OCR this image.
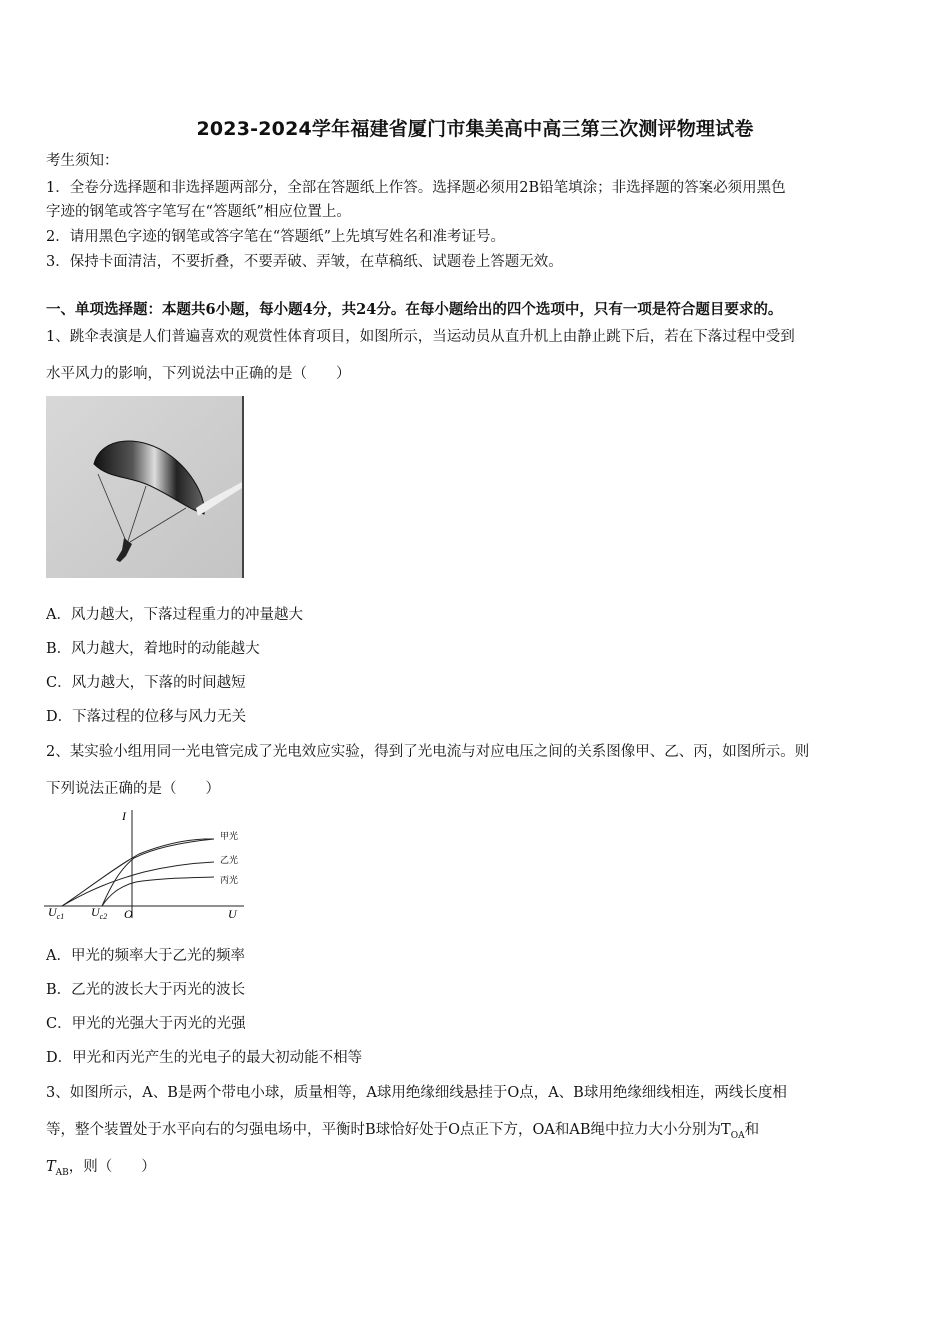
2023-2024学年福建省厦门市集美高中高三第三次测评物理试卷
考生须知：
1．全卷分选择题和非选择题两部分，全部在答题纸上作答。选择题必须用2B铅笔填涂；非选择题的答案必须用黑色
字迹的钢笔或答字笔写在“答题纸”相应位置上。
2．请用黑色字迹的钢笔或答字笔在“答题纸”上先填写姓名和准考证号。
3．保持卡面清洁，不要折叠，不要弄破、弄皱，在草稿纸、试题卷上答题无效。
一、单项选择题：本题共6小题，每小题4分，共24分。在每小题给出的四个选项中，只有一项是符合题目要求的。
1、跳伞表演是人们普遍喜欢的观赏性体育项目，如图所示，当运动员从直升机上由静止跳下后，若在下落过程中受到
水平风力的影响，下列说法中正确的是（　　）
A．风力越大，下落过程重力的冲量越大
B．风力越大，着地时的动能越大
C．风力越大，下落的时间越短
D．下落过程的位移与风力无关
2、某实验小组用同一光电管完成了光电效应实验，得到了光电流与对应电压之间的关系图像甲、乙、丙，如图所示。则
下列说法正确的是（　　）
I
U
O
$U_{c1}$ $U_{c2}$
甲光
乙光
丙光
A．甲光的频率大于乙光的频率
B．乙光的波长大于丙光的波长
C．甲光的光强大于丙光的光强
D．甲光和丙光产生的光电子的最大初动能不相等
3、如图所示，A、B是两个带电小球，质量相等，A球用绝缘细线悬挂于O点，A、B球用绝缘细线相连，两线长度相
等，整个装置处于水平向右的匀强电场中，平衡时B球恰好处于O点正下方，OA和AB绳中拉力大小分别为$T_{OA}$和
$T_{AB}$，则（　　）
